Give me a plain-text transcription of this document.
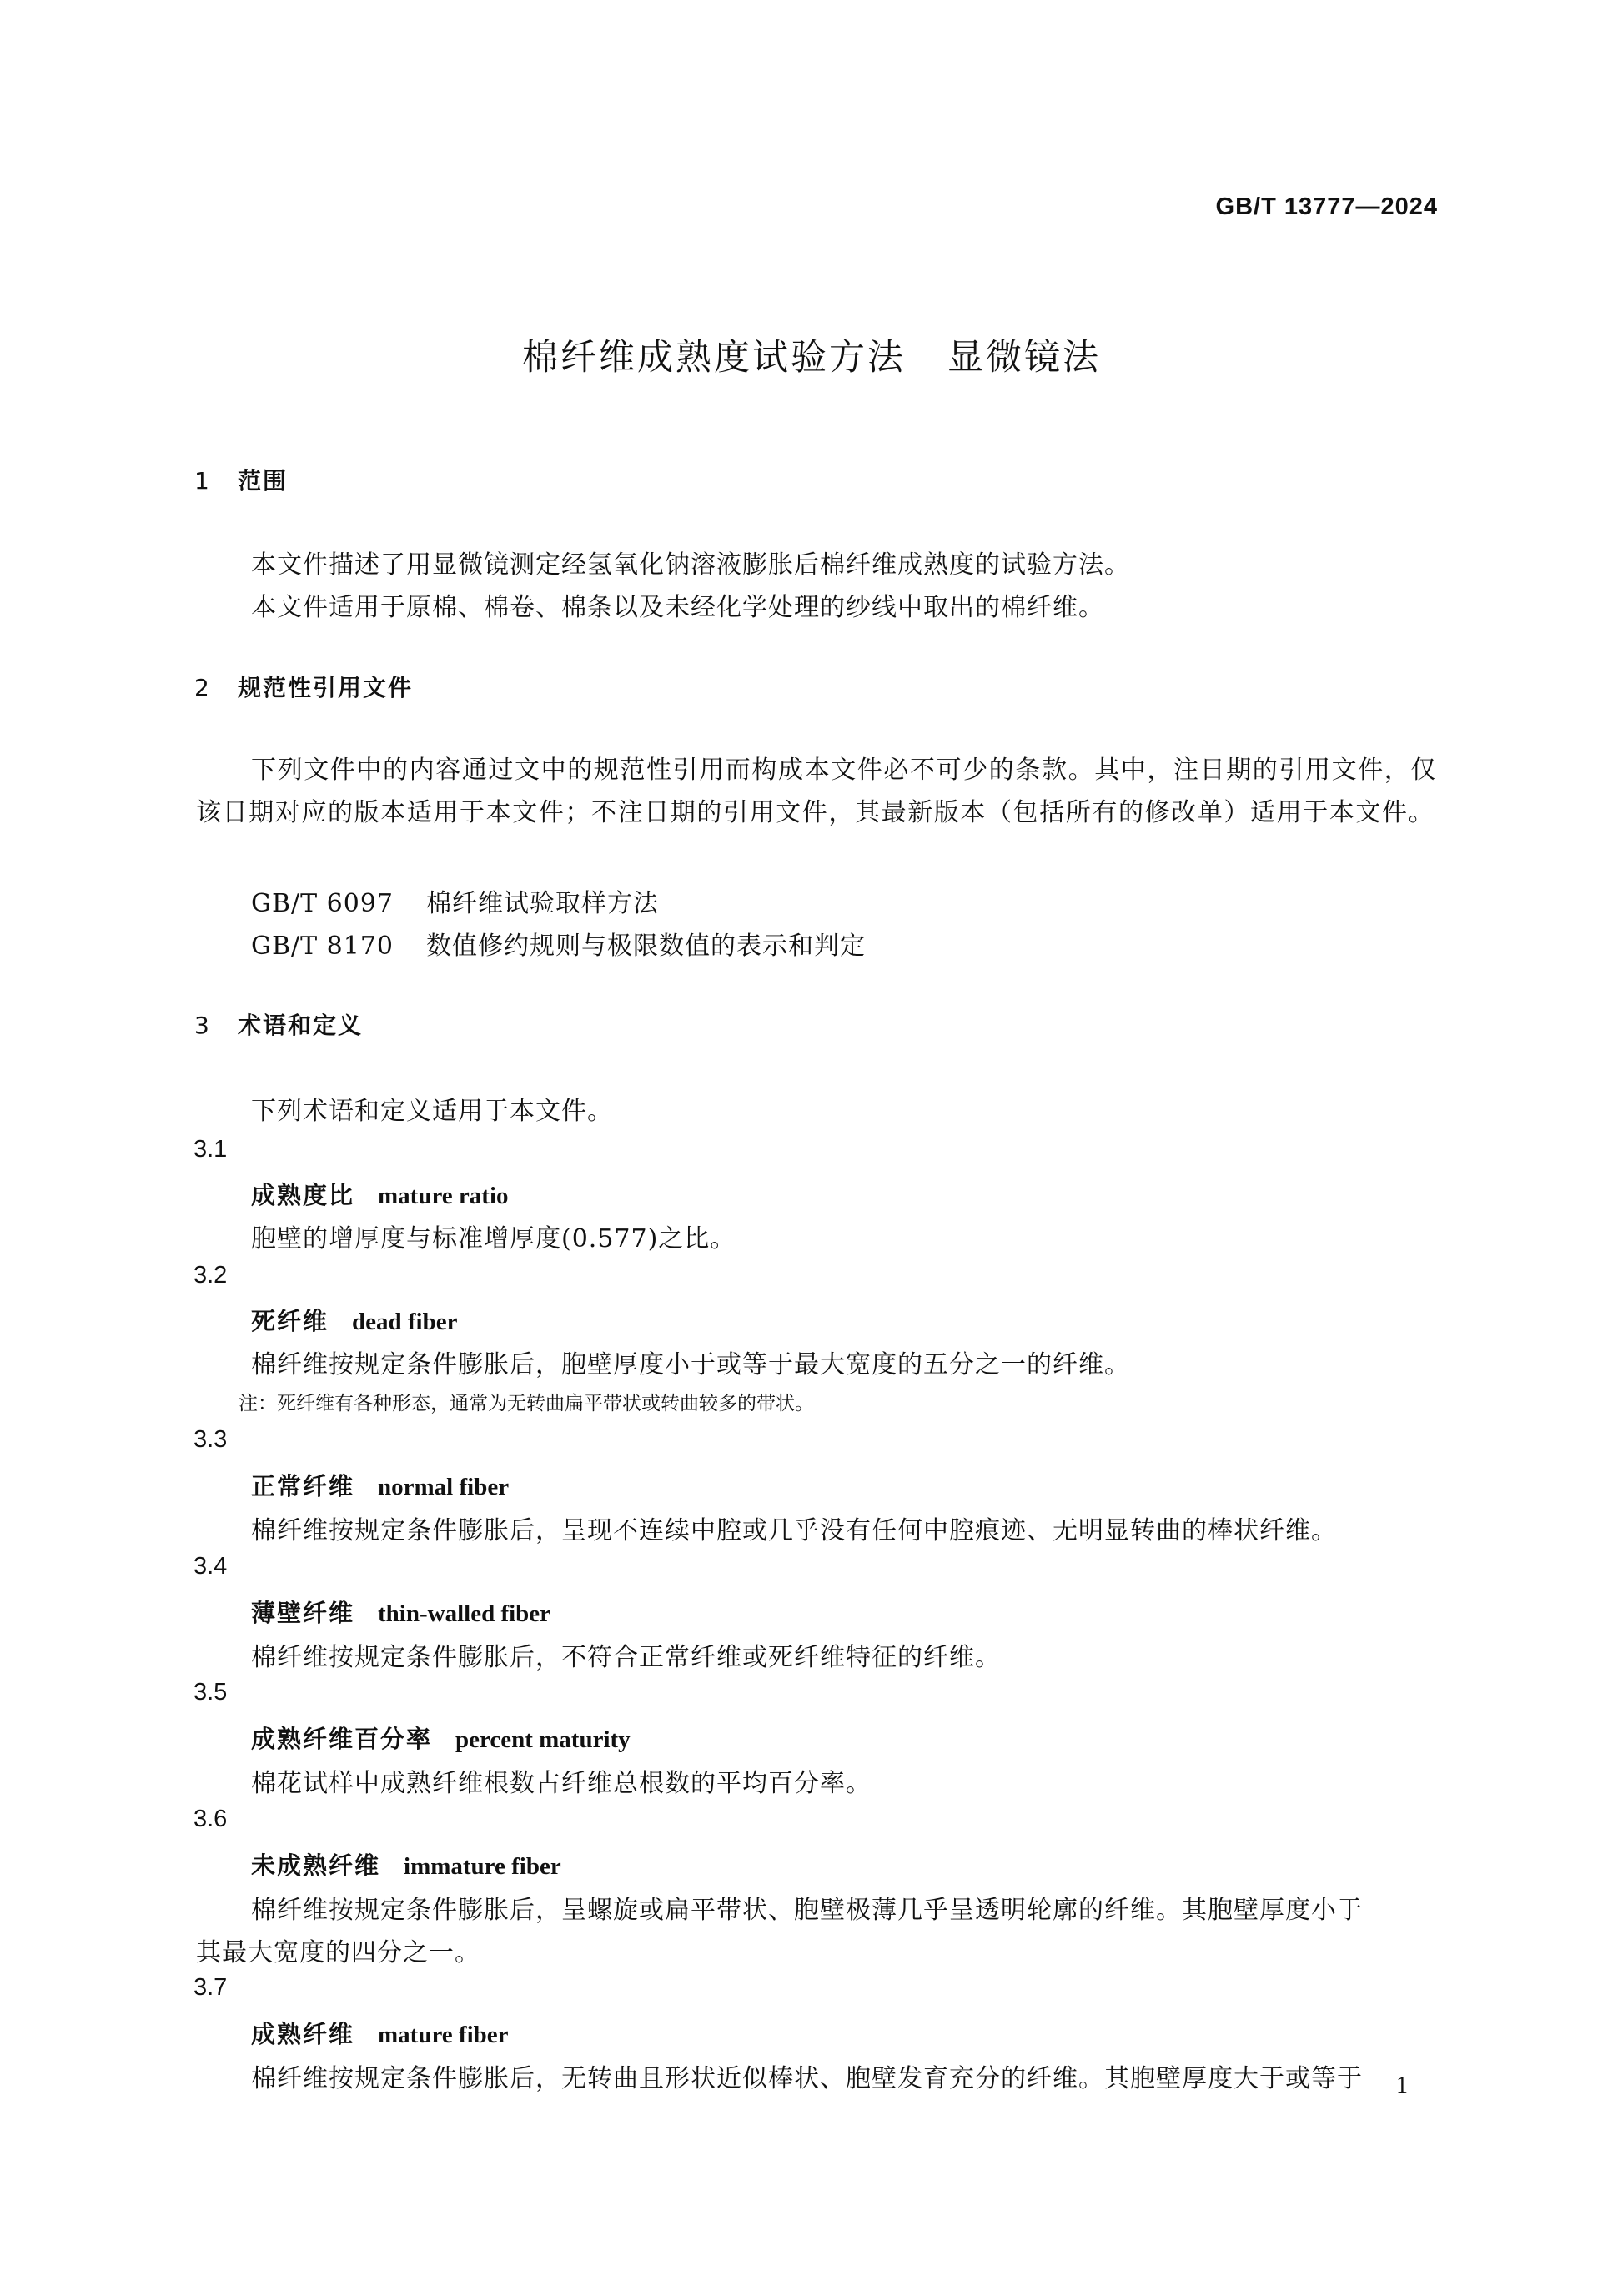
GB/T 13777—2024
棉纤维成熟度试验方法 显微镜法
1 范围
本文件描述了用显微镜测定经氢氧化钠溶液膨胀后棉纤维成熟度的试验方法。
本文件适用于原棉、棉卷、棉条以及未经化学处理的纱线中取出的棉纤维。
2 规范性引用文件
下列文件中的内容通过文中的规范性引用而构成本文件必不可少的条款。其中，注日期的引用文件，仅该日期对应的版本适用于本文件；不注日期的引用文件，其最新版本（包括所有的修改单）适用于本文件。
GB/T 6097 棉纤维试验取样方法
GB/T 8170 数值修约规则与极限数值的表示和判定
3 术语和定义
下列术语和定义适用于本文件。
3.1
成熟度比 mature ratio
胞壁的增厚度与标准增厚度(0.577)之比。
3.2
死纤维 dead fiber
棉纤维按规定条件膨胀后，胞壁厚度小于或等于最大宽度的五分之一的纤维。
注：死纤维有各种形态，通常为无转曲扁平带状或转曲较多的带状。
3.3
正常纤维 normal fiber
棉纤维按规定条件膨胀后，呈现不连续中腔或几乎没有任何中腔痕迹、无明显转曲的棒状纤维。
3.4
薄壁纤维 thin-walled fiber
棉纤维按规定条件膨胀后，不符合正常纤维或死纤维特征的纤维。
3.5
成熟纤维百分率 percent maturity
棉花试样中成熟纤维根数占纤维总根数的平均百分率。
3.6
未成熟纤维 immature fiber
棉纤维按规定条件膨胀后，呈螺旋或扁平带状、胞壁极薄几乎呈透明轮廓的纤维。其胞壁厚度小于
其最大宽度的四分之一。
3.7
成熟纤维 mature fiber
棉纤维按规定条件膨胀后，无转曲且形状近似棒状、胞壁发育充分的纤维。其胞壁厚度大于或等于 1
